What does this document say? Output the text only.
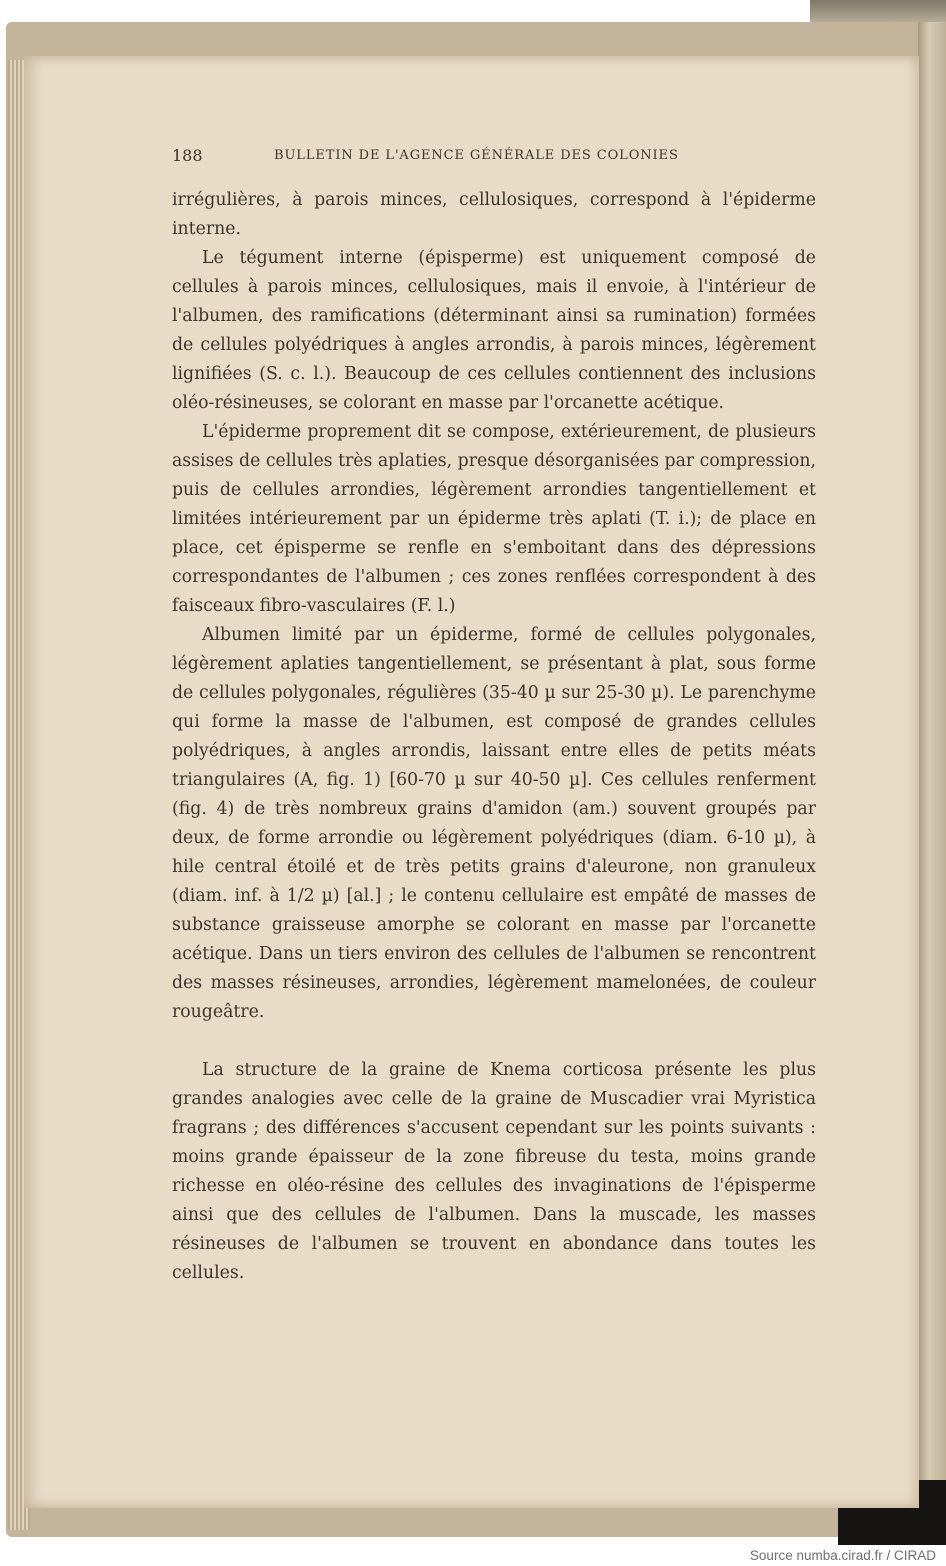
188	BULLETIN DE L'AGENCE GÉNÉRALE DES COLONIES

irrégulières, à parois minces, cellulosiques, correspond à l'épiderme interne.

Le tégument interne (épisperme) est uniquement composé de cellules à parois minces, cellulosiques, mais il envoie, à l'intérieur de l'albumen, des ramifications (déterminant ainsi sa rumination) formées de cellules polyédriques à angles arrondis, à parois minces, légèrement lignifiées (S. c. l.). Beaucoup de ces cellules contiennent des inclusions oléo-résineuses, se colorant en masse par l'orcanette acétique.

L'épiderme proprement dit se compose, extérieurement, de plusieurs assises de cellules très aplaties, presque désorganisées par compression, puis de cellules arrondies, légèrement arrondies tangentiellement et limitées intérieurement par un épiderme très aplati (T. i.); de place en place, cet épisperme se renfle en s'emboitant dans des dépressions correspondantes de l'albumen ; ces zones renflées correspondent à des faisceaux fibro-vasculaires (F. l.)

Albumen limité par un épiderme, formé de cellules polygonales, légèrement aplaties tangentiellement, se présentant à plat, sous forme de cellules polygonales, régulières (35-40 µ sur 25-30 µ). Le parenchyme qui forme la masse de l'albumen, est composé de grandes cellules polyédriques, à angles arrondis, laissant entre elles de petits méats triangulaires (A, fig. 1) [60-70 µ sur 40-50 µ]. Ces cellules renferment (fig. 4) de très nombreux grains d'amidon (am.) souvent groupés par deux, de forme arrondie ou légèrement polyédriques (diam. 6-10 µ), à hile central étoilé et de très petits grains d'aleurone, non granuleux (diam. inf. à 1/2 µ) [al.] ; le contenu cellulaire est empâté de masses de substance graisseuse amorphe se colorant en masse par l'orcanette acétique. Dans un tiers environ des cellules de l'albumen se rencontrent des masses résineuses, arrondies, légèrement mamelonées, de couleur rougeâtre.

La structure de la graine de Knema corticosa présente les plus grandes analogies avec celle de la graine de Muscadier vrai Myristica fragrans ; des différences s'accusent cependant sur les points suivants : moins grande épaisseur de la zone fibreuse du testa, moins grande richesse en oléo-résine des cellules des invaginations de l'épisperme ainsi que des cellules de l'albumen. Dans la muscade, les masses résineuses de l'albumen se trouvent en abondance dans toutes les cellules.

Source numba.cirad.fr / CIRAD
